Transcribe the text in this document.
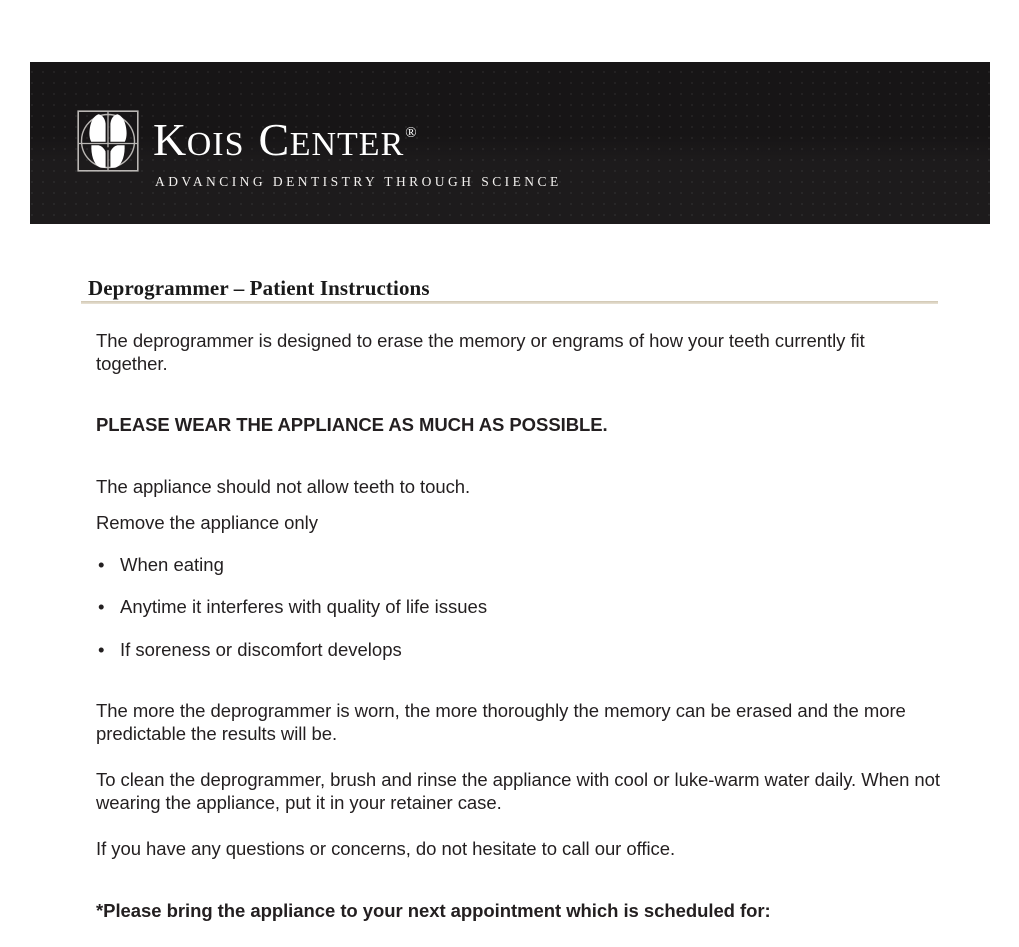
KOIS CENTER®
ADVANCING DENTISTRY THROUGH SCIENCE
Deprogrammer – Patient Instructions

The deprogrammer is designed to erase the memory or engrams of how your teeth currently fit together.

PLEASE WEAR THE APPLIANCE AS MUCH AS POSSIBLE.

The appliance should not allow teeth to touch.

Remove the appliance only

• When eating
• Anytime it interferes with quality of life issues
• If soreness or discomfort develops

The more the deprogrammer is worn, the more thoroughly the memory can be erased and the more predictable the results will be.

To clean the deprogrammer, brush and rinse the appliance with cool or luke-warm water daily. When not wearing the appliance, put it in your retainer case.

If you have any questions or concerns, do not hesitate to call our office.

*Please bring the appliance to your next appointment which is scheduled for:
